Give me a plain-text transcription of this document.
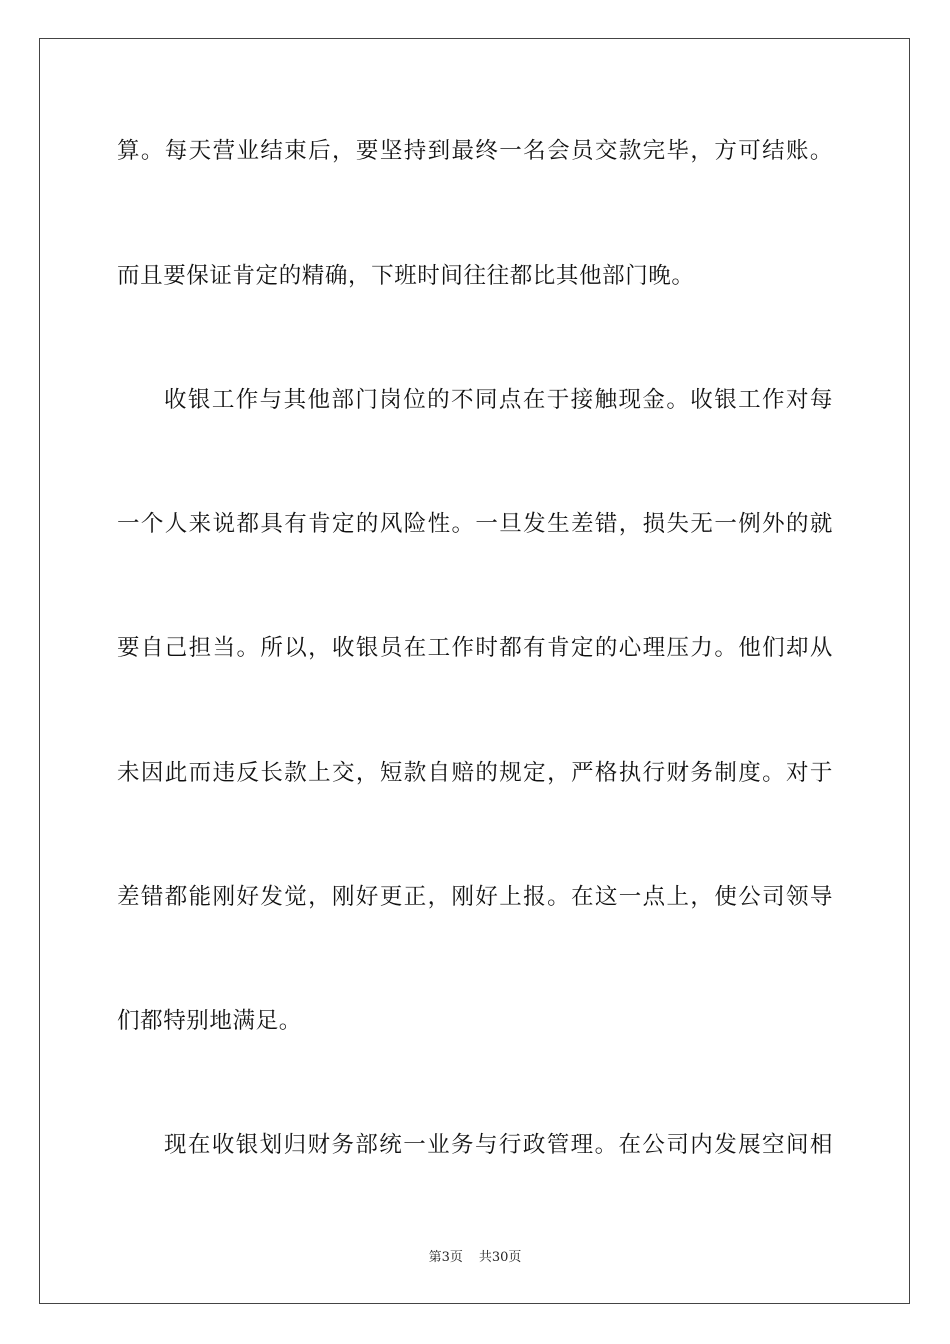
算。每天营业结束后，要坚持到最终一名会员交款完毕，方可结账。
而且要保证肯定的精确，下班时间往往都比其他部门晚。
收银工作与其他部门岗位的不同点在于接触现金。收银工作对每
一个人来说都具有肯定的风险性。一旦发生差错，损失无一例外的就
要自己担当。所以，收银员在工作时都有肯定的心理压力。他们却从
未因此而违反长款上交，短款自赔的规定，严格执行财务制度。对于
差错都能刚好发觉，刚好更正，刚好上报。在这一点上，使公司领导
们都特别地满足。
现在收银划归财务部统一业务与行政管理。在公司内发展空间相
第3页 共30页
